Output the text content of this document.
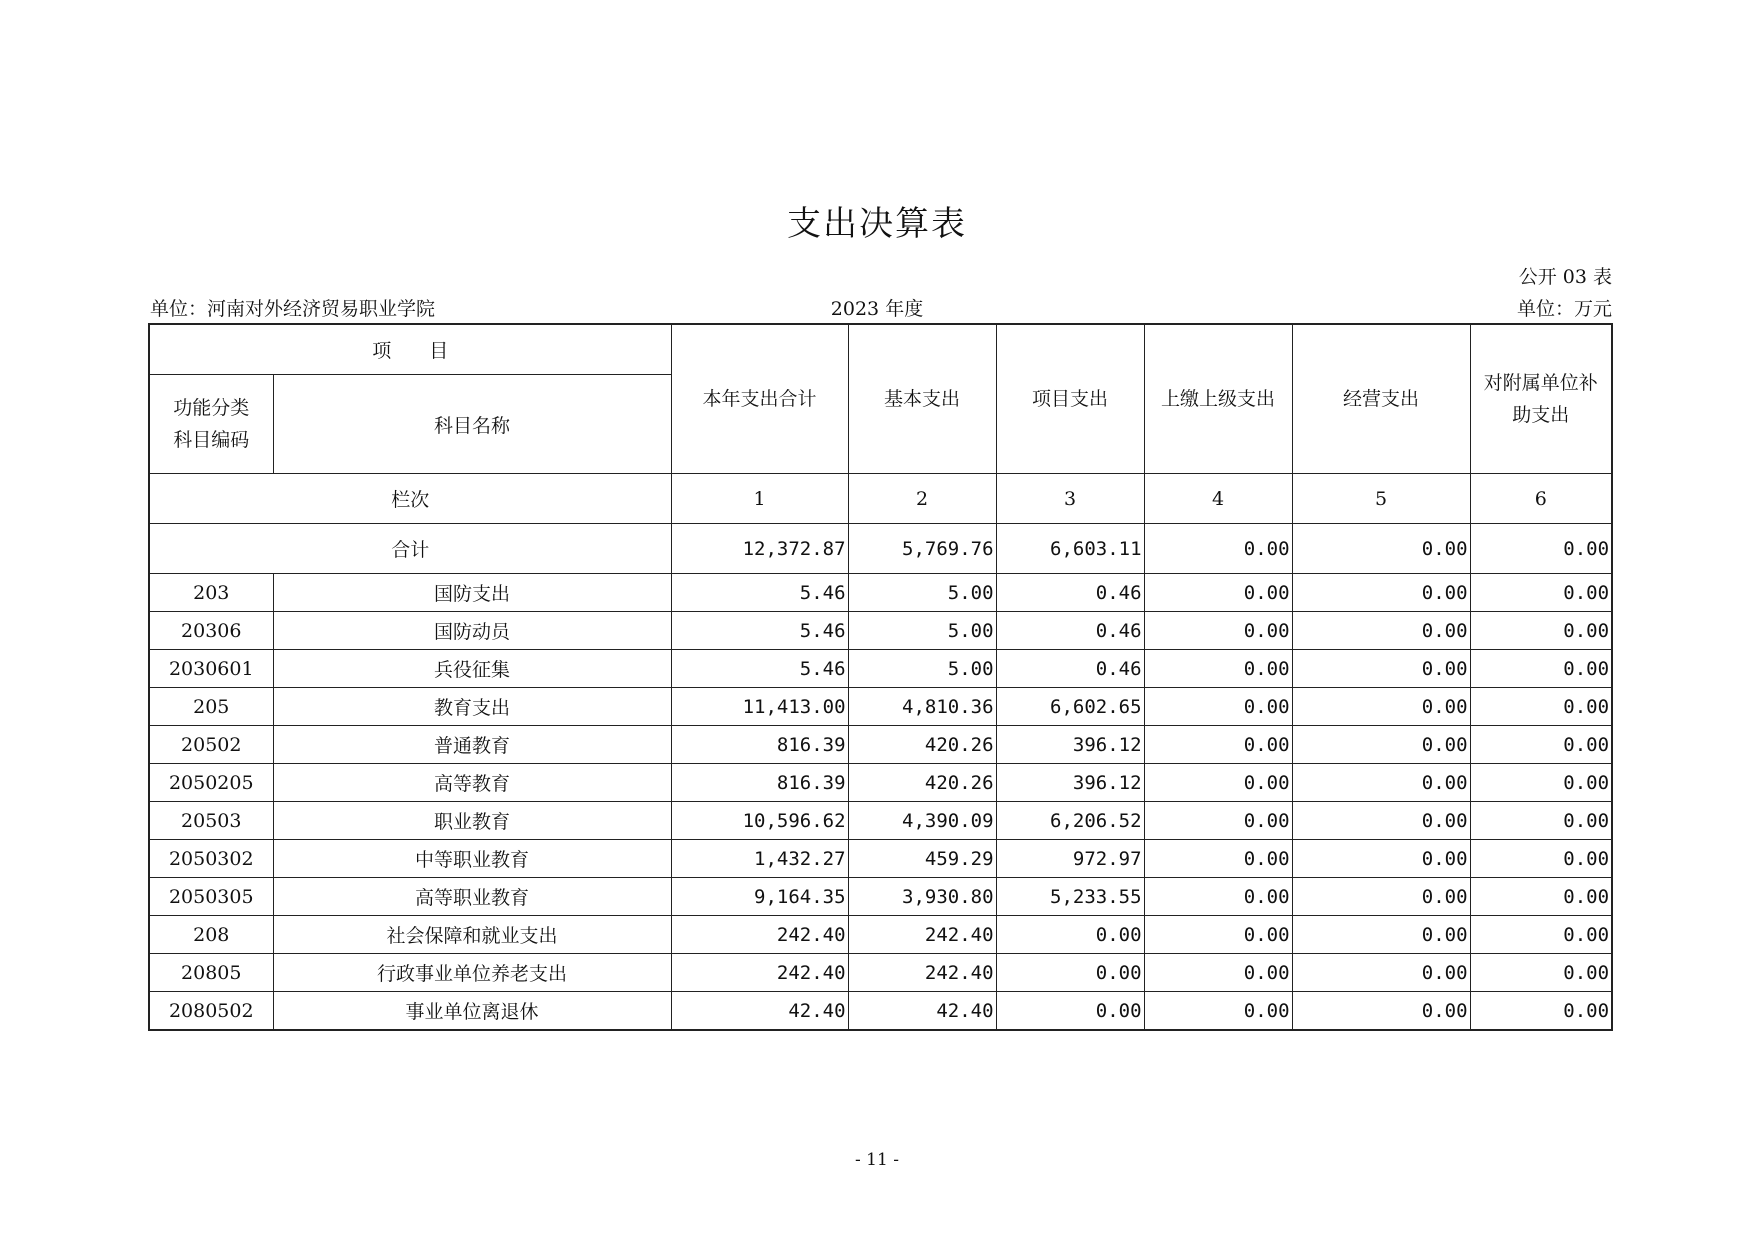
支出决算表
公开 03 表
单位：河南对外经济贸易职业学院	2023 年度	单位：万元
项　　目		本年支出合计	基本支出	项目支出	上缴上级支出	经营支出	对附属单位补
助支出
功能分类
科目编码	科目名称						
栏次		1	2	3	4	5	6
合计		12,372.87	5,769.76	6,603.11	0.00	0.00	0.00
203	国防支出	5.46	5.00	0.46	0.00	0.00	0.00
20306	国防动员	5.46	5.00	0.46	0.00	0.00	0.00
2030601	兵役征集	5.46	5.00	0.46	0.00	0.00	0.00
205	教育支出	11,413.00	4,810.36	6,602.65	0.00	0.00	0.00
20502	普通教育	816.39	420.26	396.12	0.00	0.00	0.00
2050205	高等教育	816.39	420.26	396.12	0.00	0.00	0.00
20503	职业教育	10,596.62	4,390.09	6,206.52	0.00	0.00	0.00
2050302	中等职业教育	1,432.27	459.29	972.97	0.00	0.00	0.00
2050305	高等职业教育	9,164.35	3,930.80	5,233.55	0.00	0.00	0.00
208	社会保障和就业支出	242.40	242.40	0.00	0.00	0.00	0.00
20805	行政事业单位养老支出	242.40	242.40	0.00	0.00	0.00	0.00
2080502	事业单位离退休	42.40	42.40	0.00	0.00	0.00	0.00
- 11 -
